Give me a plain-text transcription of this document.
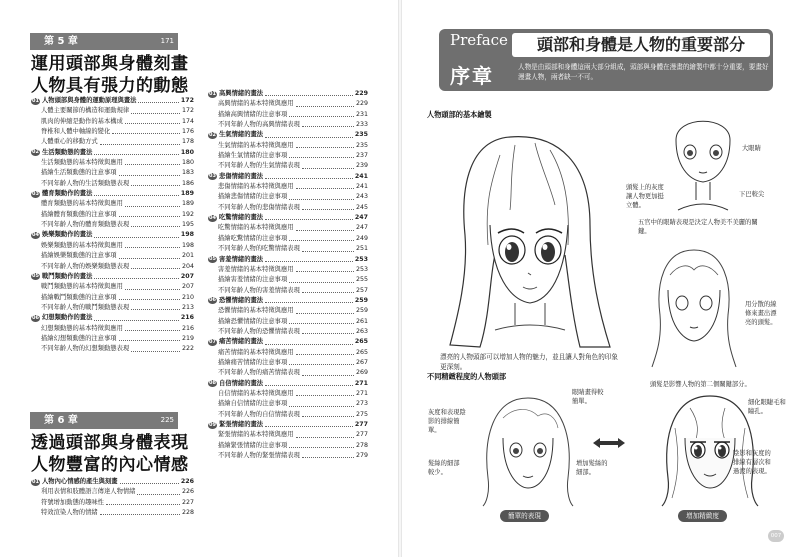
第 5 章	171
運用頭部與身體刻畫
人物具有張力的動態
01 人物頭部與身體的運動原理與畫法	172
人體主要關節的構造和運動規律	172
肌肉的伸縮是動作的基本構成	174
脊椎和人體中軸線的變化	176
人體重心的移動方式	178
02 生活類動態的畫法	180
生活類動態的基本特徵與應用	180
描繪生活類動態的注意事項	183
不同年齡人物的生活類動態表現	186
03 體育類動作的畫法	189
體育類動態的基本特徵與應用	189
描繪體育類動態的注意事項	192
不同年齡人物的體育類動態表現	195
04 娛樂類動作的畫法	198
娛樂類動態的基本特徵與應用	198
描繪娛樂類動態的注意事項	201
不同年齡人物的娛樂類動態表現	204
05 戰鬥類動作的畫法	207
戰鬥類動態的基本特徵與應用	207
描繪戰鬥類動態的注意事項	210
不同年齡人物的戰鬥類動態表現	213
06 幻想類動作的畫法	216
幻想類動態的基本特徵與應用	216
描繪幻想類動態的注意事項	219
不同年齡人物的幻想類動態表現	222
01 高興情緒的畫法	229
高興情緒的基本特徵與應用	229
描繪高興情緒的注意事項	231
不同年齡人物的高興情緒表現	233
02 生氣情緒的畫法	235
生氣情緒的基本特徵與應用	235
描繪生氣情緒的注意事項	237
不同年齡人物的生氣情緒表現	239
03 悲傷情緒的畫法	241
悲傷情緒的基本特徵與應用	241
描繪悲傷情緒的注意事項	243
不同年齡人物的悲傷情緒表現	245
04 吃驚情緒的畫法	247
吃驚情緒的基本特徵與應用	247
描繪吃驚情緒的注意事項	249
不同年齡人物的吃驚情緒表現	251
05 害羞情緒的畫法	253
害羞情緒的基本特徵與應用	253
描繪害羞情緒的注意事項	255
不同年齡人物的害羞情緒表現	257
06 恐懼情緒的畫法	259
恐懼情緒的基本特徵與應用	259
描繪恐懼情緒的注意事項	261
不同年齡人物的恐懼情緒表現	263
07 痛苦情緒的畫法	265
痛苦情緒的基本特徵與應用	265
描繪痛苦情緒的注意事項	267
不同年齡人物的痛苦情緒表現	269
08 自信情緒的畫法	271
自信情緒的基本特徵與應用	271
描繪自信情緒的注意事項	273
不同年齡人物的自信情緒表現	275
09 緊張情緒的畫法	277
緊張情緒的基本特徵與應用	277
描繪緊張情緒的注意事項	278
不同年齡人物的緊張情緒表現	279
第 6 章	225
透過頭部與身體表現
人物豐富的內心情感
01 人物內心情感的產生與刻畫	226
利用表情和肢體語言傳達人物情緒	226
符號增加動態的趣味性	227
特效渲染人物的情緒	228
Preface	頭部和身體是人物的重要部分
序章	人物是由頭部和身體這兩大部分組成，頭部與身體在漫畫的繪製中都十分重要，要畫好漫畫人物，兩者缺一不可。
人物頭部的基本繪製
不同精緻程度的人物頭部
頭髮上的灰度讓人物更加挺立體。
大眼睛
下巴較尖
五官中的眼睛表現是決定人物美不美麗的關鍵。
用分散的線條來畫出漂亮的頭髮。
漂亮的人物頭部可以增加人物的魅力，並且讓人對角色的印象更深刻。
頭髮是影響人物的第二個關鍵部分。
眼睛畫得較簡單。
灰度和表現陰影的排線簡單。
髮絲的細部較少。
增加髮絲的細部。
細化眼睫毛和瞳孔。
陰影和灰度的排線有層次和過渡的表現。
簡單的表現	增加精緻度
007
